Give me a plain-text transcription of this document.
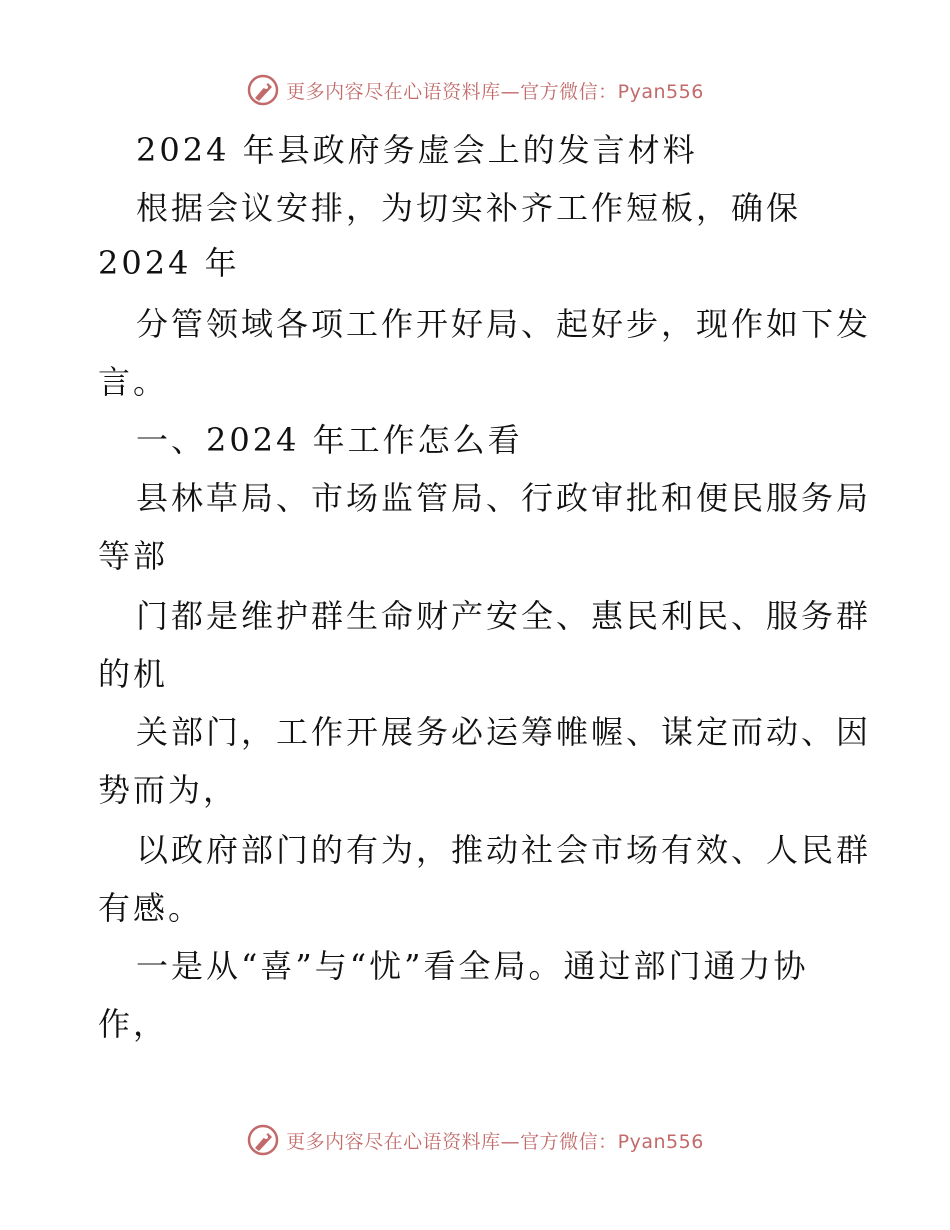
更多内容尽在心语资料库—官方微信：Pyan556
2024 年县政府务虚会上的发言材料
根据会议安排，为切实补齐工作短板，确保
2024 年
分管领域各项工作开好局、起好步，现作如下发
言。
一、2024 年工作怎么看
县林草局、市场监管局、行政审批和便民服务局
等部
门都是维护群生命财产安全、惠民利民、服务群
的机
关部门，工作开展务必运筹帷幄、谋定而动、因
势而为，
以政府部门的有为，推动社会市场有效、人民群
有感。
一是从“喜”与“忧”看全局。通过部门通力协
作，
更多内容尽在心语资料库—官方微信：Pyan556
